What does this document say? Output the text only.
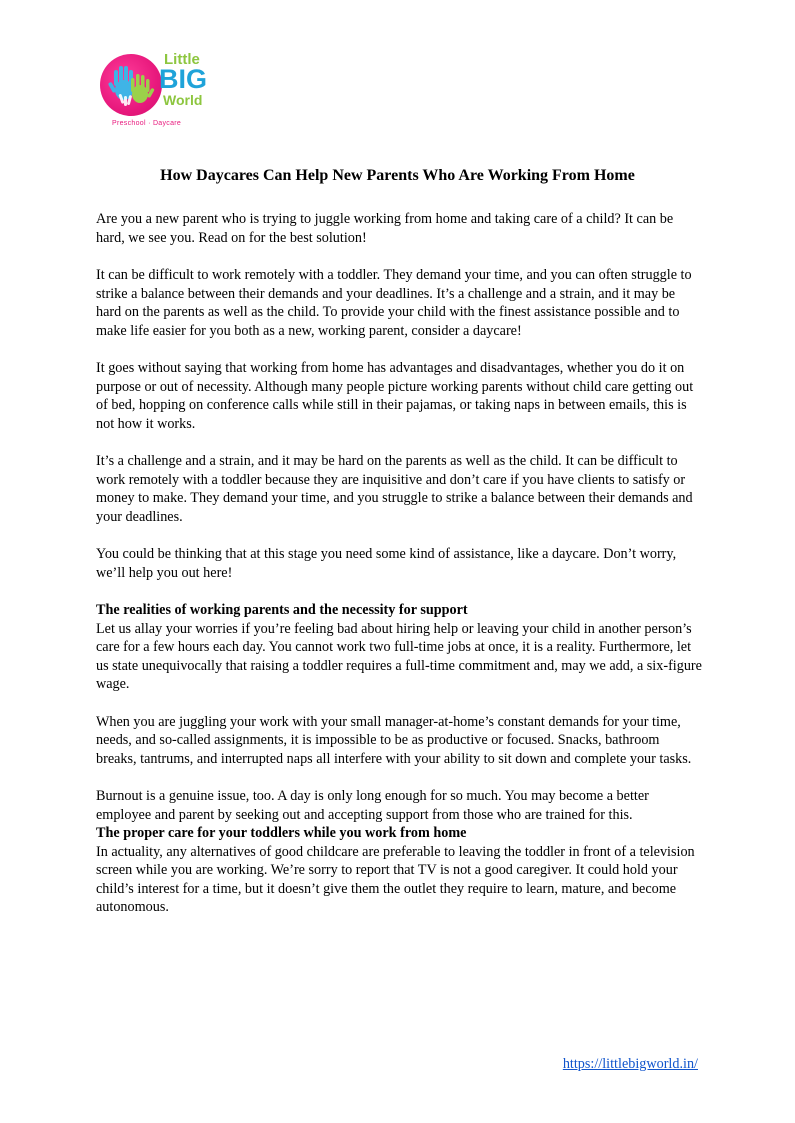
Little
BIG
World
Preschool · Daycare
How Daycares Can Help New Parents Who Are Working From Home

Are you a new parent who is trying to juggle working from home and taking care of a child? It can be hard, we see you. Read on for the best solution!

It can be difficult to work remotely with a toddler. They demand your time, and you can often struggle to strike a balance between their demands and your deadlines. It’s a challenge and a strain, and it may be hard on the parents as well as the child. To provide your child with the finest assistance possible and to make life easier for you both as a new, working parent, consider a daycare!

It goes without saying that working from home has advantages and disadvantages, whether you do it on purpose or out of necessity. Although many people picture working parents without child care getting out of bed, hopping on conference calls while still in their pajamas, or taking naps in between emails, this is not how it works.

It’s a challenge and a strain, and it may be hard on the parents as well as the child. It can be difficult to work remotely with a toddler because they are inquisitive and don’t care if you have clients to satisfy or money to make. They demand your time, and you struggle to strike a balance between their demands and your deadlines.

You could be thinking that at this stage you need some kind of assistance, like a daycare. Don’t worry, we’ll help you out here!

The realities of working parents and the necessity for support

Let us allay your worries if you’re feeling bad about hiring help or leaving your child in another person’s care for a few hours each day. You cannot work two full-time jobs at once, it is a reality. Furthermore, let us state unequivocally that raising a toddler requires a full-time commitment and, may we add, a six-figure wage.

When you are juggling your work with your small manager-at-home’s constant demands for your time, needs, and so-called assignments, it is impossible to be as productive or focused. Snacks, bathroom breaks, tantrums, and interrupted naps all interfere with your ability to sit down and complete your tasks.

Burnout is a genuine issue, too. A day is only long enough for so much. You may become a better employee and parent by seeking out and accepting support from those who are trained for this.

The proper care for your toddlers while you work from home

In actuality, any alternatives of good childcare are preferable to leaving the toddler in front of a television screen while you are working. We’re sorry to report that TV is not a good caregiver. It could hold your child’s interest for a time, but it doesn’t give them the outlet they require to learn, mature, and become autonomous.

https://littlebigworld.in/
